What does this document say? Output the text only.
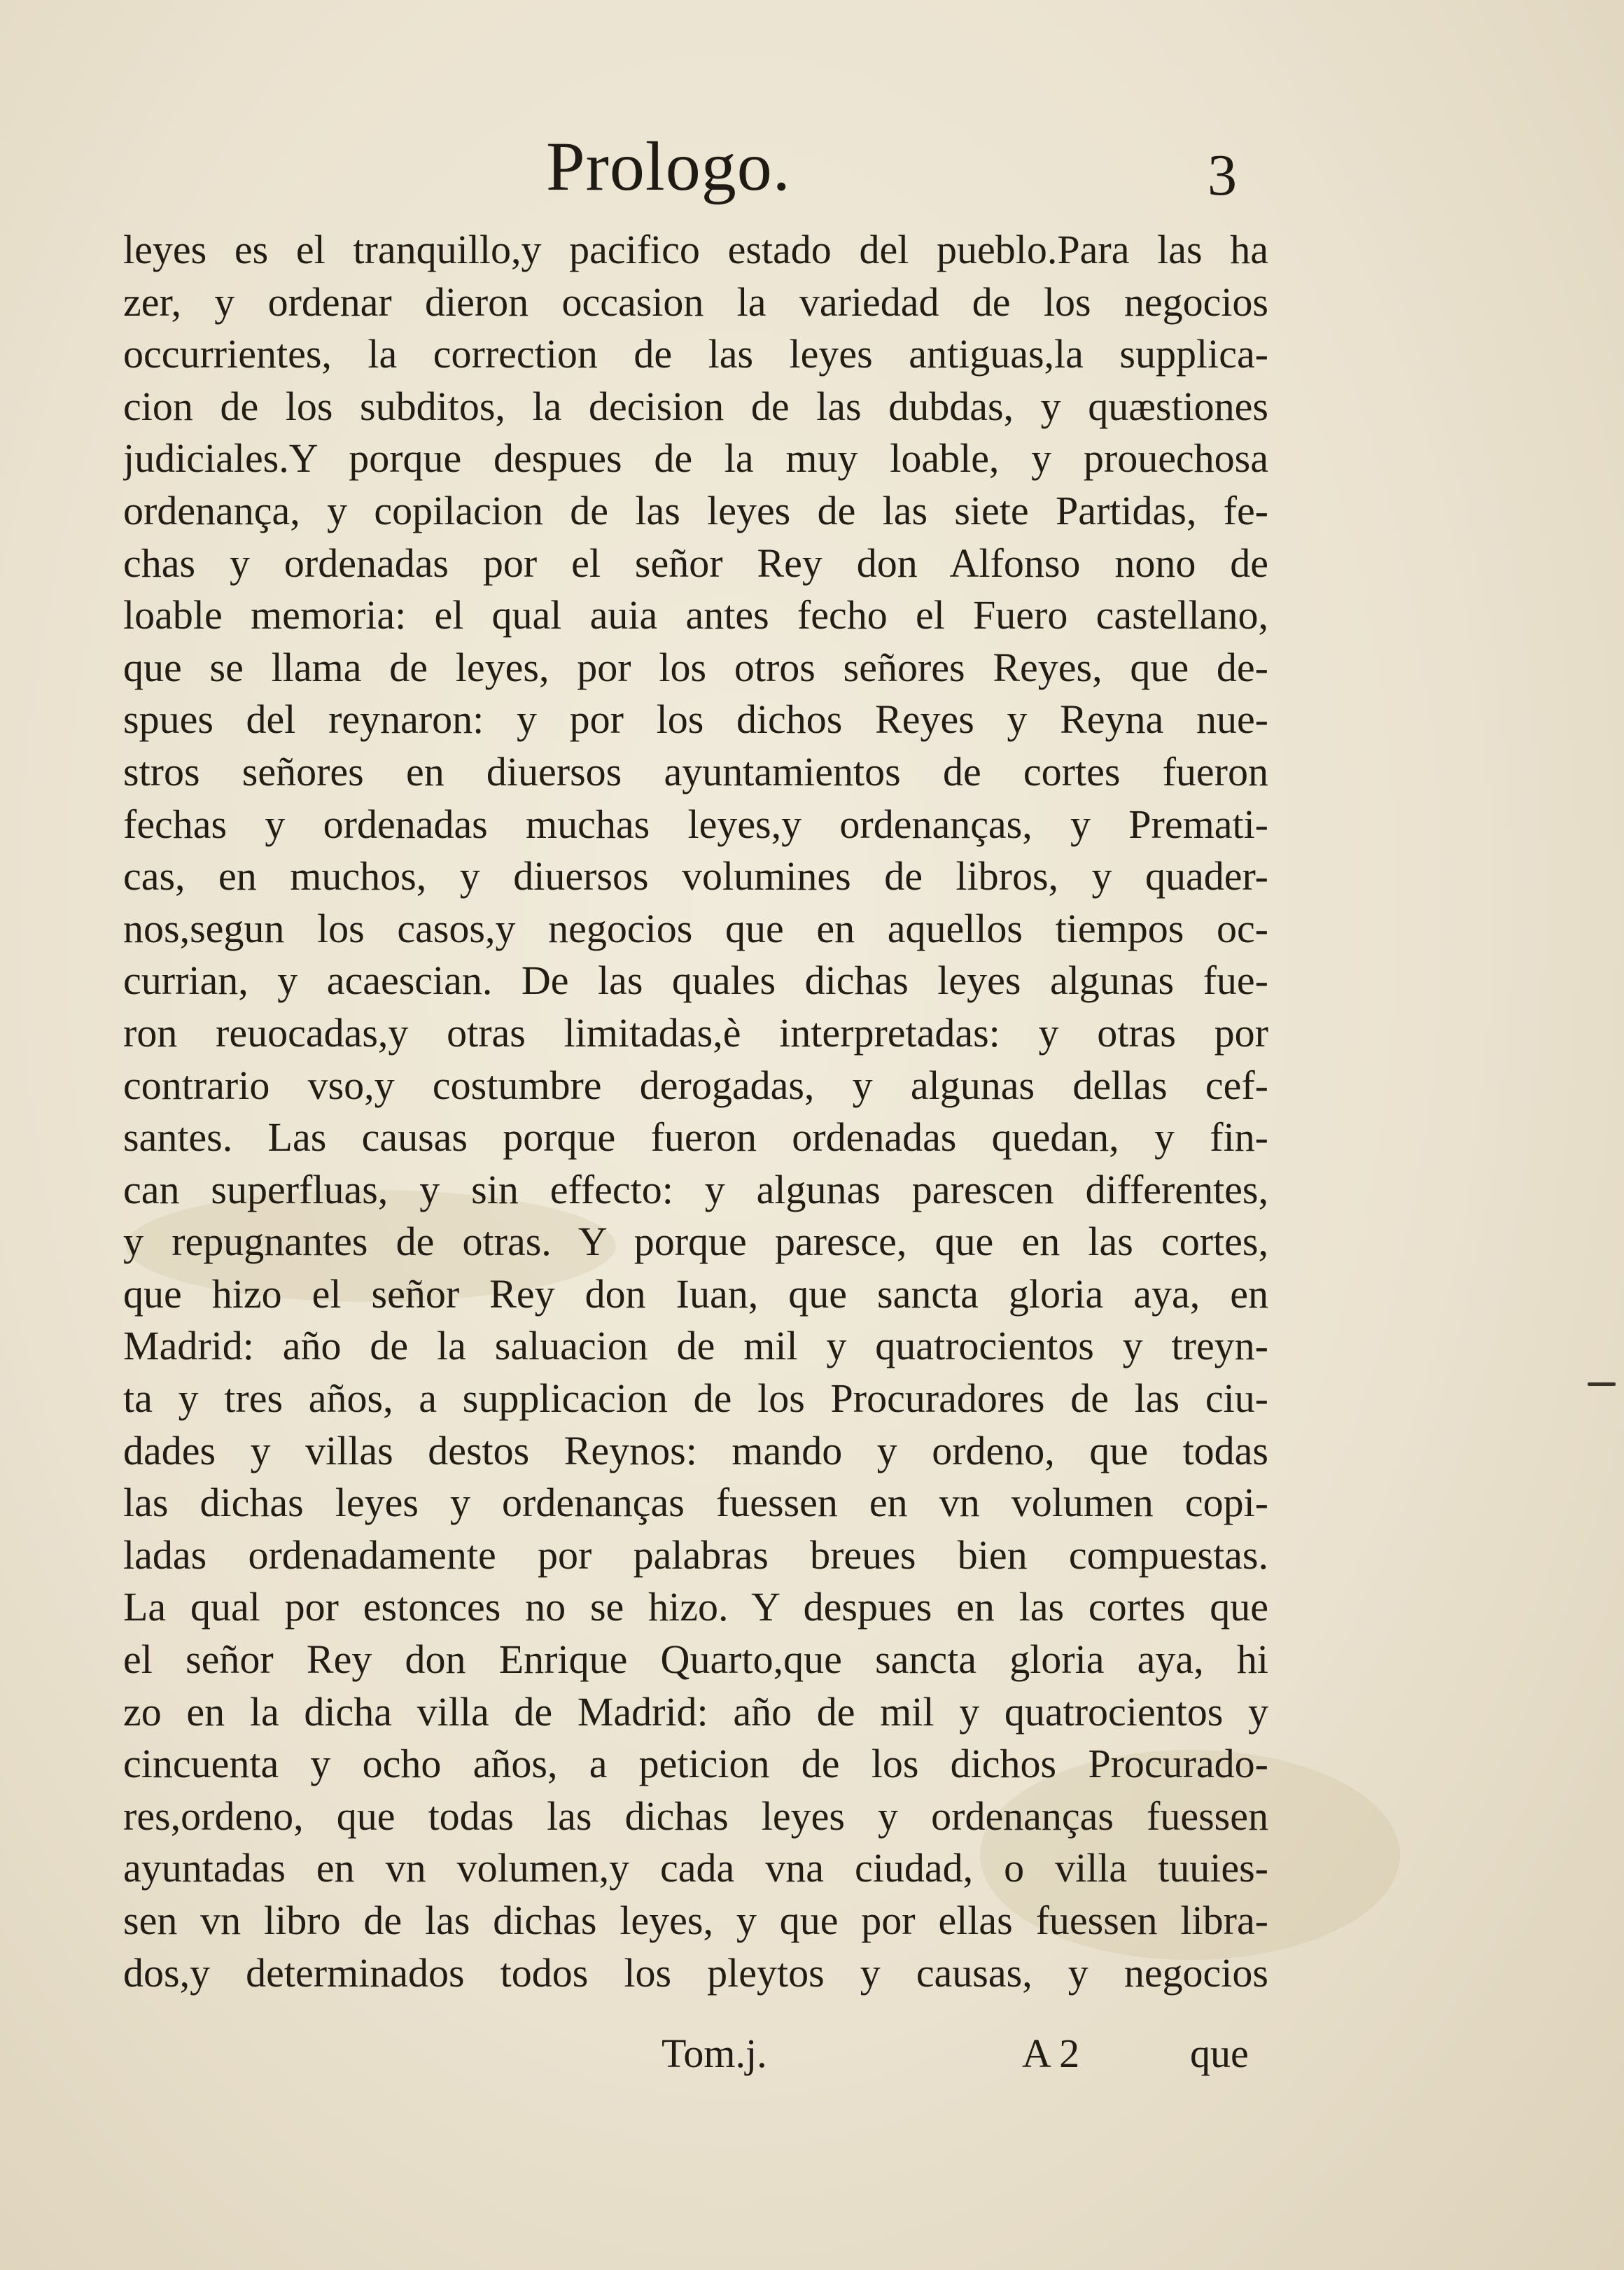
Prologo.	3
leyes es el tranquillo,y pacifico estado del pueblo.Para las ha
zer, y ordenar dieron occasion la variedad de los negocios
occurrientes, la correction de las leyes antiguas,la supplica-
cion de los subditos, la decision de las dubdas, y quæstiones
judiciales.Y porque despues de la muy loable, y prouechosa
ordenança, y copilacion de las leyes de las siete Partidas, fe-
chas y ordenadas por el señor Rey don Alfonso nono de
loable memoria: el qual auia antes fecho el Fuero castellano,
que se llama de leyes, por los otros señores Reyes, que de-
spues del reynaron: y por los dichos Reyes y Reyna nue-
stros señores en diuersos ayuntamientos de cortes fueron
fechas y ordenadas muchas leyes,y ordenanças, y Premati-
cas, en muchos, y diuersos volumines de libros, y quader-
nos,segun los casos,y negocios que en aquellos tiempos oc-
currian, y acaescian. De las quales dichas leyes algunas fue-
ron reuocadas,y otras limitadas,è interpretadas: y otras por
contrario vso,y costumbre derogadas, y algunas dellas cef-
santes. Las causas porque fueron ordenadas quedan, y fin-
can superfluas, y sin effecto: y algunas parescen differentes,
y repugnantes de otras. Y porque paresce, que en las cortes,
que hizo el señor Rey don Iuan, que sancta gloria aya, en
Madrid: año de la saluacion de mil y quatrocientos y treyn-
ta y tres años, a supplicacion de los Procuradores de las ciu-
dades y villas destos Reynos: mando y ordeno, que todas
las dichas leyes y ordenanças fuessen en vn volumen copi-
ladas ordenadamente por palabras breues bien compuestas.
La qual por estonces no se hizo. Y despues en las cortes que
el señor Rey don Enrique Quarto,que sancta gloria aya, hi
zo en la dicha villa de Madrid: año de mil y quatrocientos y
cincuenta y ocho años, a peticion de los dichos Procurado-
res,ordeno, que todas las dichas leyes y ordenanças fuessen
ayuntadas en vn volumen,y cada vna ciudad, o villa tuuies-
sen vn libro de las dichas leyes, y que por ellas fuessen libra-
dos,y determinados todos los pleytos y causas, y negocios
Tom.j.	A 2	que
